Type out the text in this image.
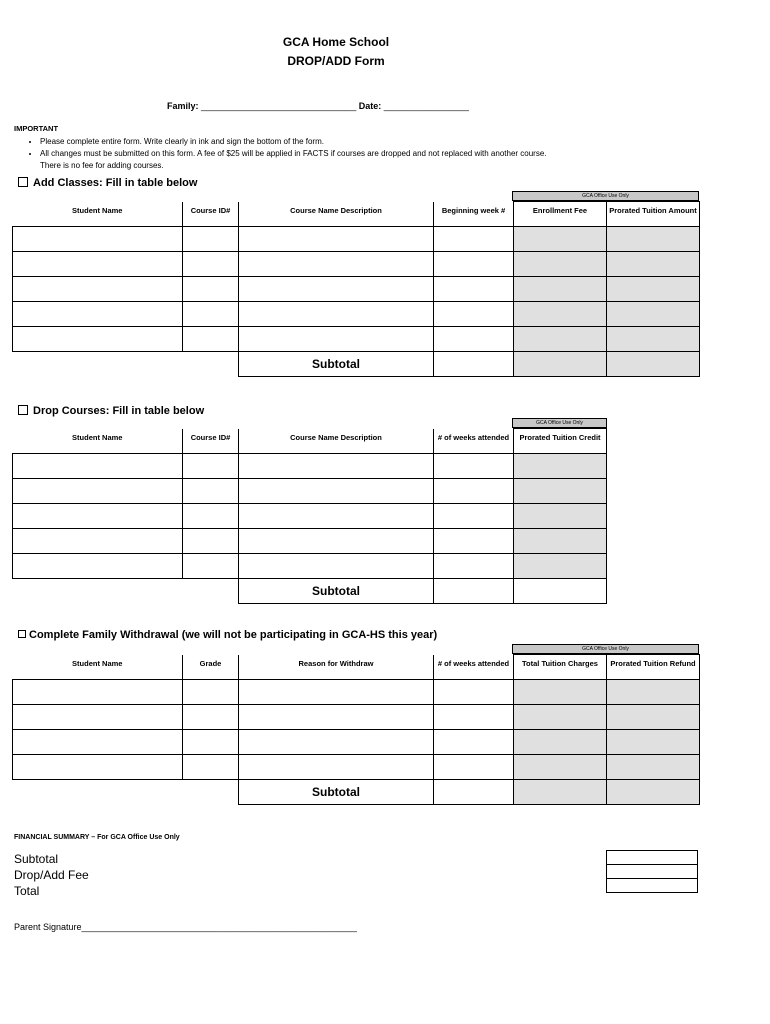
GCA Home School
DROP/ADD Form
Family: _______________________________ Date: _________________
IMPORTANT
• Please complete entire form. Write clearly in ink and sign the bottom of the form.
• All changes must be submitted on this form. A fee of $25 will be applied in FACTS if courses are dropped and not replaced with another course.
There is no fee for adding courses.
Add Classes: Fill in table below
GCA Office Use Only
Student Name	Course ID#	Course Name Description	Beginning week #	Enrollment Fee	Prorated Tuition Amount

		Subtotal			
Drop Courses: Fill in table below
GCA Office Use Only
Student Name	Course ID#	Course Name Description	# of weeks attended	Prorated Tuition Credit

		Subtotal		
Complete Family Withdrawal (we will not be participating in GCA-HS this year)
GCA Office Use Only
Student Name	Grade	Reason for Withdraw	# of weeks attended	Total Tuition Charges	Prorated Tuition Refund

		Subtotal			
FINANCIAL SUMMARY – For GCA Office Use Only
Subtotal
Drop/Add Fee
Total

Parent Signature_______________________________________________________
